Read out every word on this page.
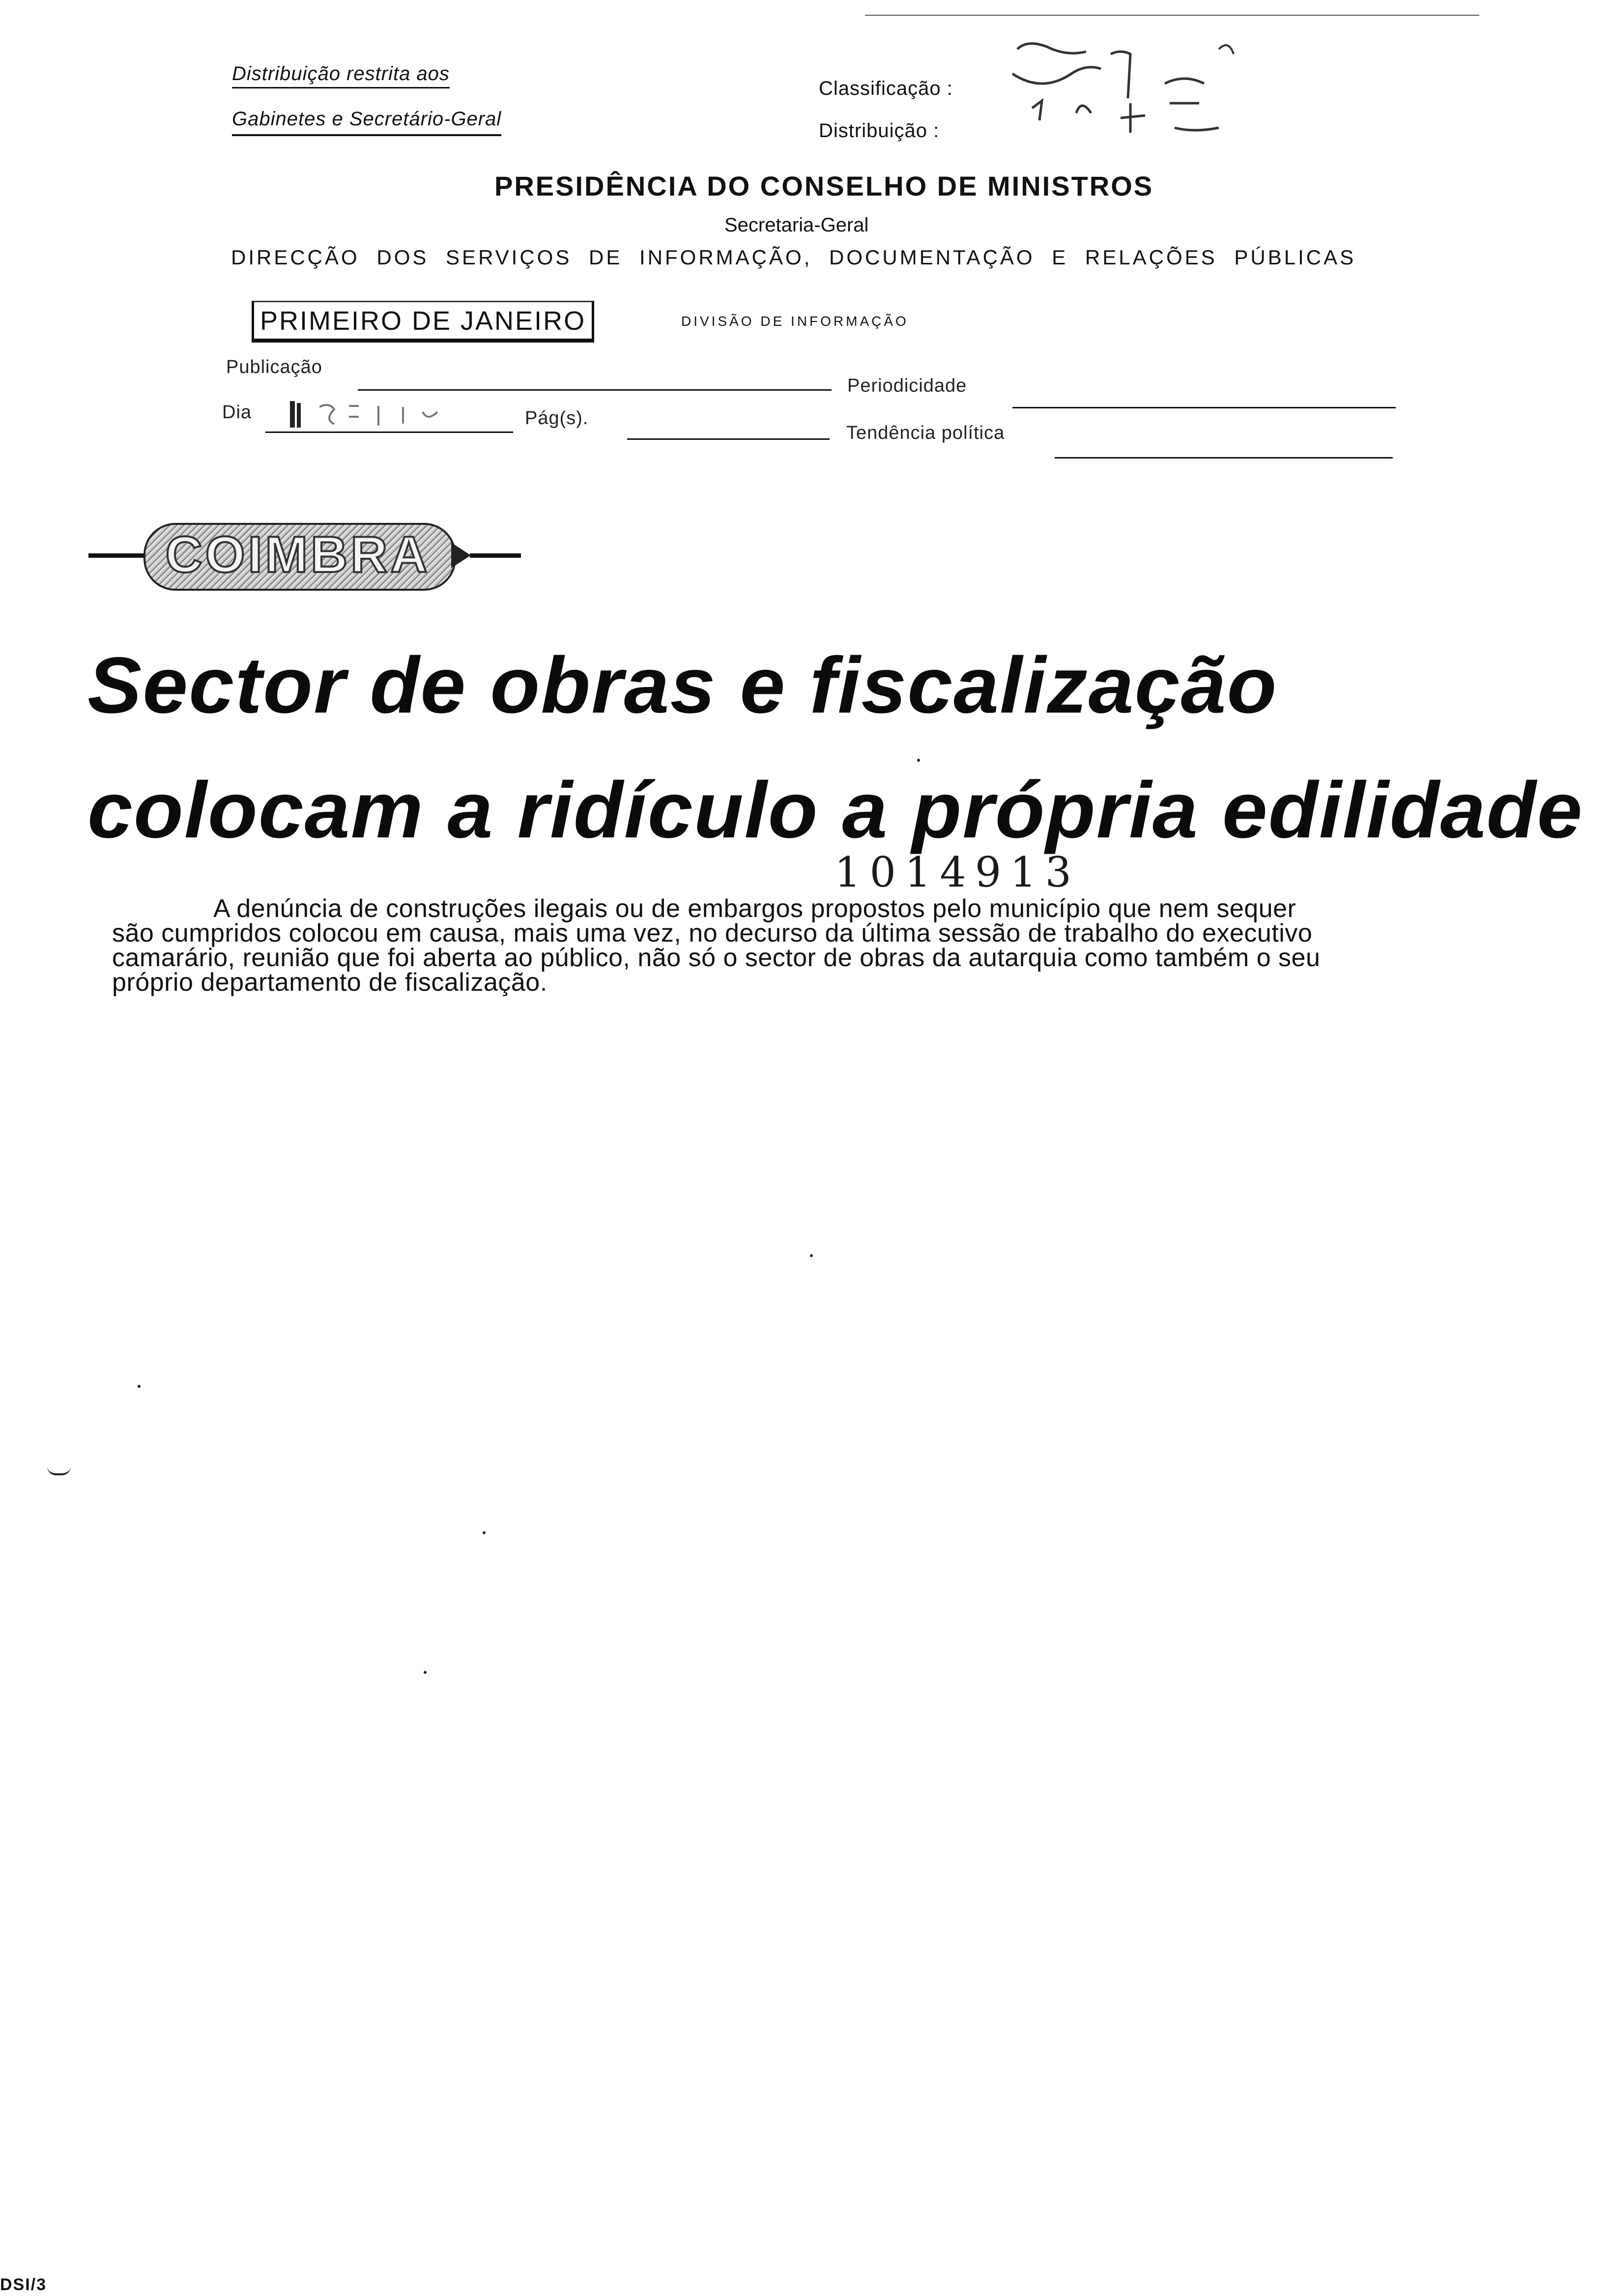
Distribuição restrita aos
Gabinetes e Secretário-Geral
Classificação :
Distribuição :
PRESIDÊNCIA DO CONSELHO DE MINISTROS
Secretaria-Geral
DIRECÇÃO DOS SERVIÇOS DE INFORMAÇÃO, DOCUMENTAÇÃO E RELAÇÕES PÚBLICAS
PRIMEIRO DE JANEIRO	DIVISÃO DE INFORMAÇÃO
Publicação
Periodicidade
Dia	Pág(s).
Tendência política
COIMBRA
Sector de obras e fiscalização
colocam a ridículo a própria edilidade
1014913
A denúncia de construções ilegais ou de embargos propostos pelo município que nem sequer
são cumpridos colocou em causa, mais uma vez, no decurso da última sessão de trabalho do executivo
camarário, reunião que foi aberta ao público, não só o sector de obras da autarquia como também o seu
próprio departamento de fiscalização.
DSI/3
